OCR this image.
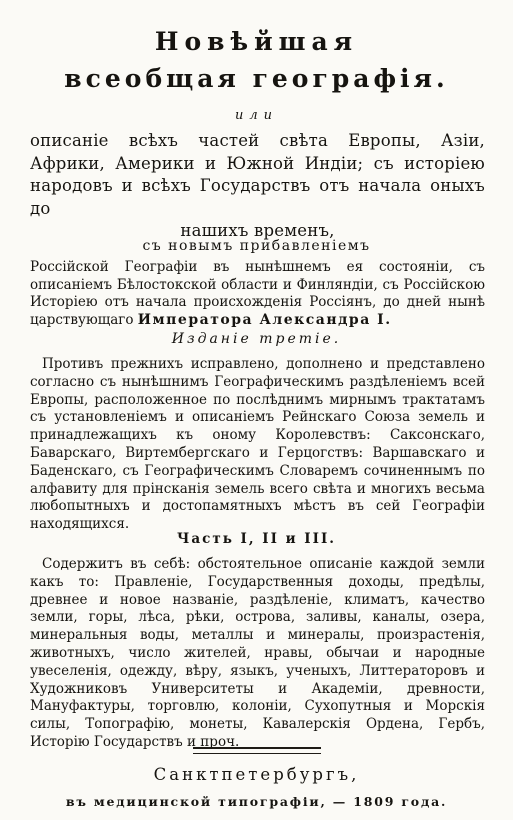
Новѣйшая
всеобщая географія.
или
описаніе всѣхъ частей свѣта Европы, Азіи, Африки, Америки и Южной Индіи; съ исторіею народовъ и всѣхъ Государствъ отъ начала оныхъ до
нашихъ временъ,
съ новымъ прибавленіемъ
Россійской Географіи въ нынѣшнемъ ея состояніи, съ описаніемъ Бѣлостокской области и Финляндіи, съ Россійскою Исторіею отъ начала происхожденія Россіянъ, до дней нынѣ царствующаго Императора Александра I.
Изданіе третіе.
Противъ прежнихъ исправлено, дополнено и представлено согласно съ нынѣшнимъ Географическимъ раздѣленіемъ всей Европы, расположенное по послѣднимъ мирнымъ трактатамъ съ установленіемъ и описаніемъ Рейнскаго Союза земель и принадлежащихъ къ оному Королевствъ: Саксонскаго, Баварскаго, Виртембергскаго и Герцогствъ: Варшавскаго и Баденскаго, съ Географическимъ Словаремъ сочиненнымъ по алфавиту для прінсканія земель всего свѣта и многихъ весьма любопытныхъ и достопамятныхъ мѣстъ въ сей Географіи находящихся.
Часть I, II и III.
Содержитъ въ себѣ: обстоятельное описаніе каждой земли какъ то: Правленіе, Государственныя доходы, предѣлы, древнее и новое названіе, раздѣленіе, климатъ, качество земли, горы, лѣса, рѣки, острова, заливы, каналы, озера, минеральныя воды, металлы и минералы, произрастенія, животныхъ, число жителей, нравы, обычаи и народные увеселенія, одежду, вѣру, языкъ, ученыхъ, Литтераторовъ и Художниковъ Университеты и Академіи, древности, Мануфактуры, торговлю, колоніи, Сухопутныя и Морскія силы, Топографію, монеты, Кавалерскія Ордена, Гербъ, Исторію Государствъ и проч.
Санктпетербургъ,
въ медицинской типографіи, — 1809 года.
